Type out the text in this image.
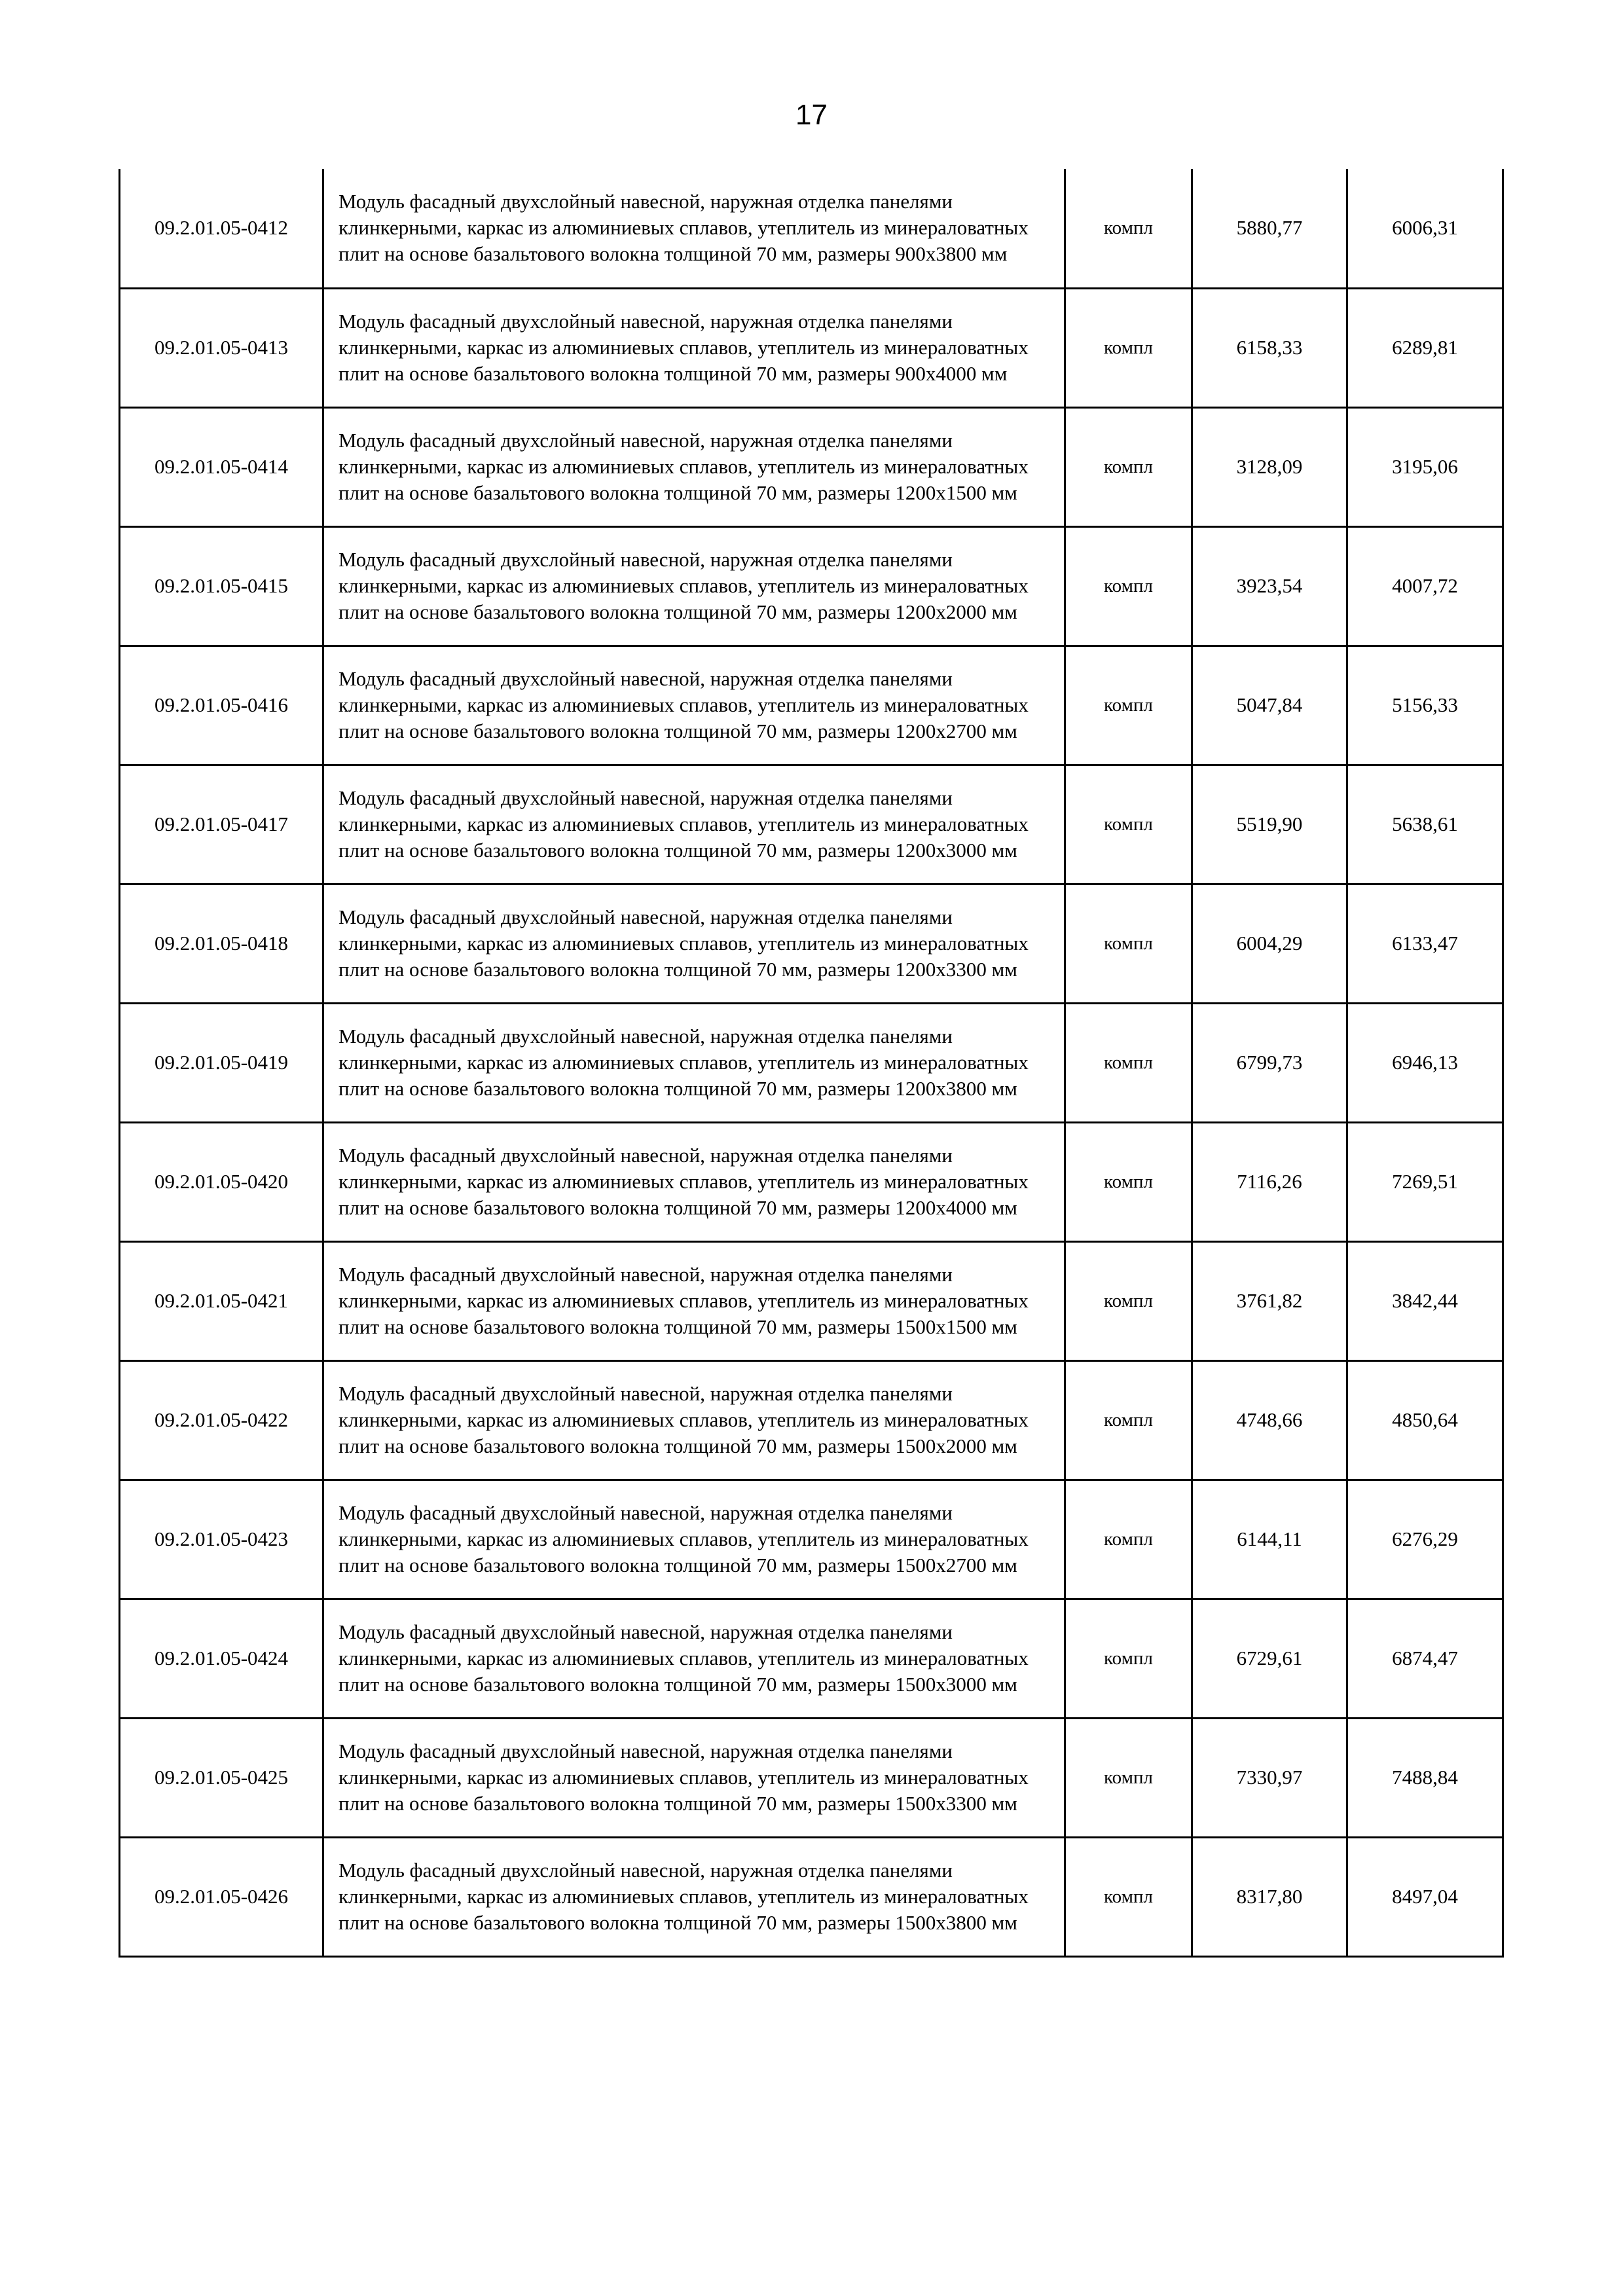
17
09.2.01.05-0412	Модуль фасадный двухслойный навесной, наружная отделка панелями клинкерными, каркас из алюминиевых сплавов, утеплитель из минераловатных плит на основе базальтового волокна толщиной 70 мм, размеры 900х3800 мм	компл	5880,77	6006,31
09.2.01.05-0413	Модуль фасадный двухслойный навесной, наружная отделка панелями клинкерными, каркас из алюминиевых сплавов, утеплитель из минераловатных плит на основе базальтового волокна толщиной 70 мм, размеры 900х4000 мм	компл	6158,33	6289,81
09.2.01.05-0414	Модуль фасадный двухслойный навесной, наружная отделка панелями клинкерными, каркас из алюминиевых сплавов, утеплитель из минераловатных плит на основе базальтового волокна толщиной 70 мм, размеры 1200х1500 мм	компл	3128,09	3195,06
09.2.01.05-0415	Модуль фасадный двухслойный навесной, наружная отделка панелями клинкерными, каркас из алюминиевых сплавов, утеплитель из минераловатных плит на основе базальтового волокна толщиной 70 мм, размеры 1200х2000 мм	компл	3923,54	4007,72
09.2.01.05-0416	Модуль фасадный двухслойный навесной, наружная отделка панелями клинкерными, каркас из алюминиевых сплавов, утеплитель из минераловатных плит на основе базальтового волокна толщиной 70 мм, размеры 1200х2700 мм	компл	5047,84	5156,33
09.2.01.05-0417	Модуль фасадный двухслойный навесной, наружная отделка панелями клинкерными, каркас из алюминиевых сплавов, утеплитель из минераловатных плит на основе базальтового волокна толщиной 70 мм, размеры 1200х3000 мм	компл	5519,90	5638,61
09.2.01.05-0418	Модуль фасадный двухслойный навесной, наружная отделка панелями клинкерными, каркас из алюминиевых сплавов, утеплитель из минераловатных плит на основе базальтового волокна толщиной 70 мм, размеры 1200х3300 мм	компл	6004,29	6133,47
09.2.01.05-0419	Модуль фасадный двухслойный навесной, наружная отделка панелями клинкерными, каркас из алюминиевых сплавов, утеплитель из минераловатных плит на основе базальтового волокна толщиной 70 мм, размеры 1200х3800 мм	компл	6799,73	6946,13
09.2.01.05-0420	Модуль фасадный двухслойный навесной, наружная отделка панелями клинкерными, каркас из алюминиевых сплавов, утеплитель из минераловатных плит на основе базальтового волокна толщиной 70 мм, размеры 1200х4000 мм	компл	7116,26	7269,51
09.2.01.05-0421	Модуль фасадный двухслойный навесной, наружная отделка панелями клинкерными, каркас из алюминиевых сплавов, утеплитель из минераловатных плит на основе базальтового волокна толщиной 70 мм, размеры 1500х1500 мм	компл	3761,82	3842,44
09.2.01.05-0422	Модуль фасадный двухслойный навесной, наружная отделка панелями клинкерными, каркас из алюминиевых сплавов, утеплитель из минераловатных плит на основе базальтового волокна толщиной 70 мм, размеры 1500х2000 мм	компл	4748,66	4850,64
09.2.01.05-0423	Модуль фасадный двухслойный навесной, наружная отделка панелями клинкерными, каркас из алюминиевых сплавов, утеплитель из минераловатных плит на основе базальтового волокна толщиной 70 мм, размеры 1500х2700 мм	компл	6144,11	6276,29
09.2.01.05-0424	Модуль фасадный двухслойный навесной, наружная отделка панелями клинкерными, каркас из алюминиевых сплавов, утеплитель из минераловатных плит на основе базальтового волокна толщиной 70 мм, размеры 1500х3000 мм	компл	6729,61	6874,47
09.2.01.05-0425	Модуль фасадный двухслойный навесной, наружная отделка панелями клинкерными, каркас из алюминиевых сплавов, утеплитель из минераловатных плит на основе базальтового волокна толщиной 70 мм, размеры 1500х3300 мм	компл	7330,97	7488,84
09.2.01.05-0426	Модуль фасадный двухслойный навесной, наружная отделка панелями клинкерными, каркас из алюминиевых сплавов, утеплитель из минераловатных плит на основе базальтового волокна толщиной 70 мм, размеры 1500х3800 мм	компл	8317,80	8497,04
